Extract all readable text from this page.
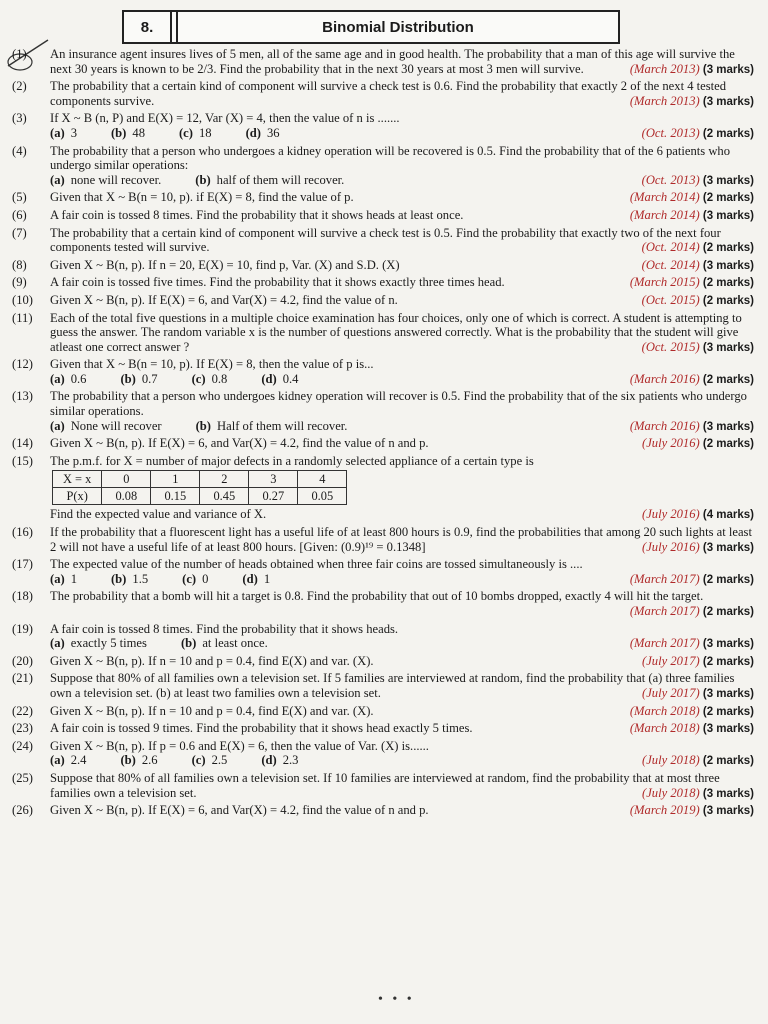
8.	Binomial Distribution
(1) An insurance agent insures lives of 5 men, all of the same age and in good health. The probability that a man of this age will survive the next 30 years is known to be 2/3. Find the probability that in the next 30 years at most 3 men will survive.	(March 2013) (3 marks)
(2) The probability that a certain kind of component will survive a check test is 0.6. Find the probability that exactly 2 of the next 4 tested components survive.	(March 2013) (3 marks)
(3) If X ~ B (n, P) and E(X) = 12, Var (X) = 4, then the value of n is .......
(Oct. 2013) (2 marks)
(a) 3	(b) 48	(c) 18	(d) 36
(4) The probability that a person who undergoes a kidney operation will be recovered is 0.5. Find the probability that of the 6 patients who undergo similar operations:
(Oct. 2013) (3 marks)
(a) none will recover.	(b) half of them will recover.
(5) Given that X ~ B(n = 10, p). if E(X) = 8, find the value of p.	(March 2014) (2 marks)
(6) A fair coin is tossed 8 times. Find the probability that it shows heads at least once.	(March 2014) (3 marks)
(7) The probability that a certain kind of component will survive a check test is 0.5. Find the probability that exactly two of the next four components tested will survive.	(Oct. 2014) (2 marks)
(8) Given X ~ B(n, p). If n = 20, E(X) = 10, find p, Var. (X) and S.D. (X)	(Oct. 2014) (3 marks)
(9) A fair coin is tossed five times. Find the probability that it shows exactly three times head.	(March 2015) (2 marks)
(10) Given X ~ B(n, p). If E(X) = 6, and Var(X) = 4.2, find the value of n.	(Oct. 2015) (2 marks)
(11) Each of the total five questions in a multiple choice examination has four choices, only one of which is correct. A student is attempting to guess the answer. The random variable x is the number of questions answered correctly. What is the probability that the student will give atleast one correct answer ?	(Oct. 2015) (3 marks)
(12) Given that X ~ B(n = 10, p). If E(X) = 8, then the value of p is...
(March 2016) (2 marks)
(a) 0.6	(b) 0.7	(c) 0.8	(d) 0.4
(13) The probability that a person who undergoes kidney operation will recover is 0.5. Find the probability that of the six patients who undergo similar operations.
(March 2016) (3 marks)
(a) None will recover	(b) Half of them will recover.
(14) Given X ~ B(n, p). If E(X) = 6, and Var(X) = 4.2, find the value of n and p.	(July 2016) (2 marks)
(15) The p.m.f. for X = number of major defects in a randomly selected appliance of a certain type is
X = x	0	1	2	3	4
P(x)	0.08	0.15	0.45	0.27	0.05
(July 2016) (4 marks)
Find the expected value and variance of X.
(16) If the probability that a fluorescent light has a useful life of at least 800 hours is 0.9, find the probabilities that among 20 such lights at least 2 will not have a useful life of at least 800 hours. [Given: (0.9)¹⁹ = 0.1348]	(July 2016) (3 marks)
(17) The expected value of the number of heads obtained when three fair coins are tossed simultaneously is ....
(March 2017) (2 marks)
(a) 1	(b) 1.5	(c) 0	(d) 1
(18) The probability that a bomb will hit a target is 0.8. Find the probability that out of 10 bombs dropped, exactly 4 will hit the target.
(March 2017) (2 marks)
(19) A fair coin is tossed 8 times. Find the probability that it shows heads.
(March 2017) (3 marks)
(a) exactly 5 times	(b) at least once.
(20) Given X ~ B(n, p). If n = 10 and p = 0.4, find E(X) and var. (X).	(July 2017) (2 marks)
(21) Suppose that 80% of all families own a television set. If 5 families are interviewed at random, find the probability that (a) three families own a television set. (b) at least two families own a television set.	(July 2017) (3 marks)
(22) Given X ~ B(n, p). If n = 10 and p = 0.4, find E(X) and var. (X).	(March 2018) (2 marks)
(23) A fair coin is tossed 9 times. Find the probability that it shows head exactly 5 times.	(March 2018) (3 marks)
(24) Given X ~ B(n, p). If p = 0.6 and E(X) = 6, then the value of Var. (X) is......
(July 2018) (2 marks)
(a) 2.4	(b) 2.6	(c) 2.5	(d) 2.3
(25) Suppose that 80% of all families own a television set. If 10 families are interviewed at random, find the probability that at most three families own a television set.	(July 2018) (3 marks)
(26) Given X ~ B(n, p). If E(X) = 6, and Var(X) = 4.2, find the value of n and p.	(March 2019) (3 marks)
• • •
